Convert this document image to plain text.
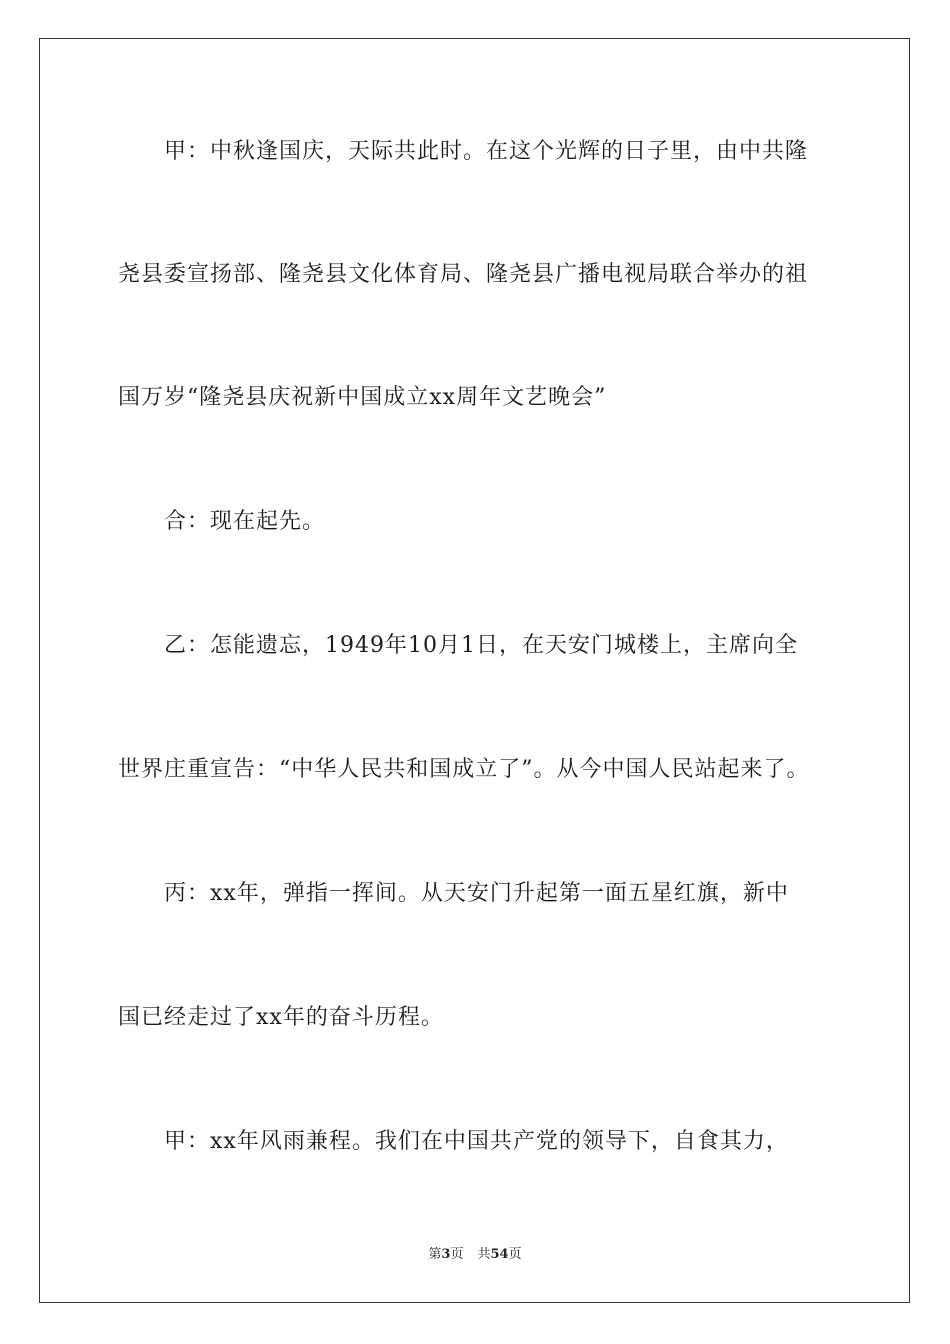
甲：中秋逢国庆，天际共此时。在这个光辉的日子里，由中共隆
尧县委宣扬部、隆尧县文化体育局、隆尧县广播电视局联合举办的祖
国万岁“隆尧县庆祝新中国成立xx周年文艺晚会”
合：现在起先。
乙：怎能遗忘，1949年10月1日，在天安门城楼上，主席向全
世界庄重宣告：“中华人民共和国成立了”。从今中国人民站起来了。
丙：xx年，弹指一挥间。从天安门升起第一面五星红旗，新中
国已经走过了xx年的奋斗历程。
甲：xx年风雨兼程。我们在中国共产党的领导下，自食其力，
第3页 共54页
